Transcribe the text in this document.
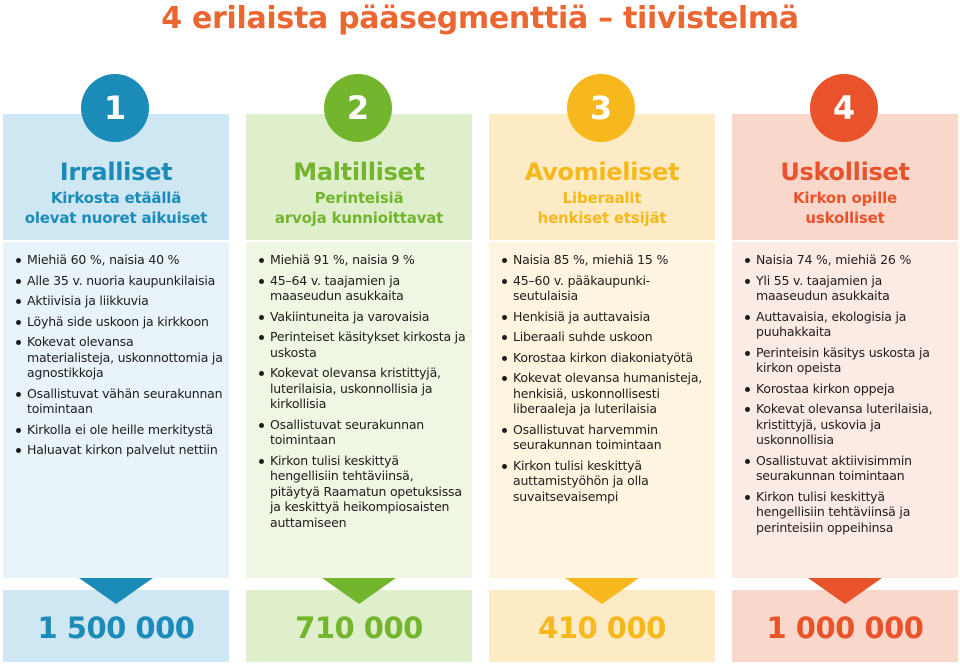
4 erilaista pääsegmenttiä – tiivistelmä
Irralliset
Kirkosta etäällä
olevat nuoret aikuiset
Miehiä 60 %, naisia 40 %
Alle 35 v. nuoria kaupunkilaisia
Aktiivisia ja liikkuvia
Löyhä side uskoon ja kirkkoon
Kokevat olevansa materialisteja, uskonnottomia ja agnostikkoja
Osallistuvat vähän seurakunnan toimintaan
Kirkolla ei ole heille merkitystä
Haluavat kirkon palvelut nettiin
1 500 000
1
Maltilliset
Perinteisiä
arvoja kunnioittavat
Miehiä 91 %, naisia 9 %
45–64 v. taajamien ja maaseudun asukkaita
Vakiintuneita ja varovaisia
Perinteiset käsitykset kirkosta ja uskosta
Kokevat olevansa kristittyjä, luterilaisia, uskonnollisia ja kirkollisia
Osallistuvat seurakunnan toimintaan
Kirkon tulisi keskittyä hengellisiin tehtäviinsä, pitäytyä Raamatun opetuksissa ja keskittyä heikompiosaisten auttamiseen
710 000
2
Avomieliset
Liberaalit
henkiset etsijät
Naisia 85 %, miehiä 15 %
45–60 v. pääkaupunki-seutulaisia
Henkisiä ja auttavaisia
Liberaali suhde uskoon
Korostaa kirkon diakoniatyötä
Kokevat olevansa humanisteja, henkisiä, uskonnollisesti liberaaleja ja luterilaisia
Osallistuvat harvemmin seurakunnan toimintaan
Kirkon tulisi keskittyä auttamistyöhön ja olla suvaitsevaisempi
410 000
3
Uskolliset
Kirkon opille
uskolliset
Naisia 74 %, miehiä 26 %
Yli 55 v. taajamien ja maaseudun asukkaita
Auttavaisia, ekologisia ja puuhakkaita
Perinteisin käsitys uskosta ja kirkon opeista
Korostaa kirkon oppeja
Kokevat olevansa luterilaisia, kristittyjä, uskovia ja uskonnollisia
Osallistuvat aktiivisimmin seurakunnan toimintaan
Kirkon tulisi keskittyä hengellisiin tehtäviinsä ja perinteisiin oppeihinsa
1 000 000
4
